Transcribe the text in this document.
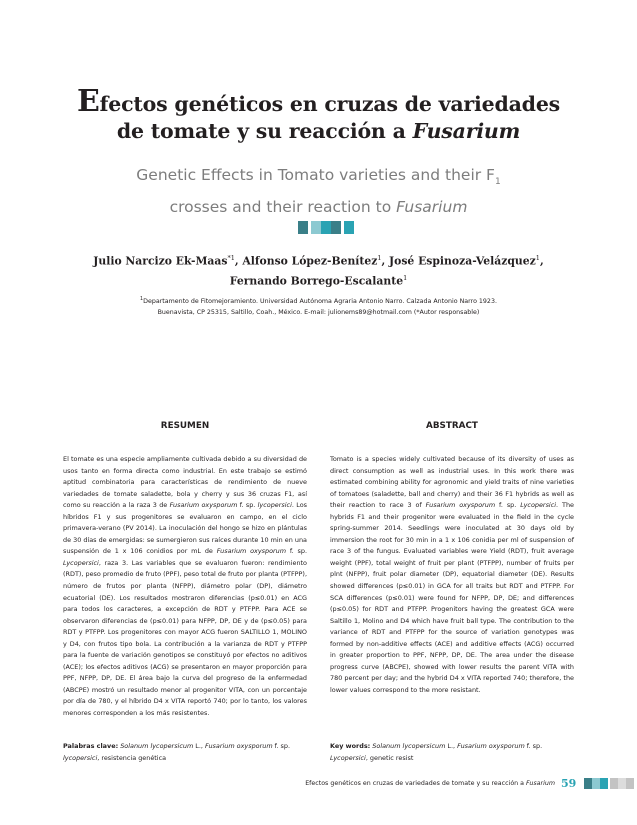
Efectos genéticos en cruzas de variedades
de tomate y su reacción a Fusarium
Genetic Effects in Tomato varieties and their $F_1$
crosses and their reaction to Fusarium
Julio Narcizo Ek-Maas$^{*1}$, Alfonso López-Benítez$^1$, José Espinoza-Velázquez$^1$,
Fernando Borrego-Escalante$^1$
$^1$Departamento de Fitomejoramiento. Universidad Autónoma Agraria Antonio Narro. Calzada Antonio Narro 1923.
Buenavista, CP 25315, Saltillo, Coah., México. E-mail: julionems89@hotmail.com (*Autor responsable)
RESUMEN

El tomate es una especie ampliamente cultivada debido a su diversidad de usos tanto en forma directa como industrial. En este trabajo se estimó aptitud combinatoria para características de rendimiento de nueve variedades de tomate saladette, bola y cherry y sus 36 cruzas F1, así como su reacción a la raza 3 de Fusarium oxysporum f. sp. lycopersici. Los híbridos F1 y sus progenitores se evaluaron en campo, en el ciclo primavera-verano (PV 2014). La inoculación del hongo se hizo en plántulas de 30 días de emergidas: se sumergieron sus raíces durante 10 min en una suspensión de 1 x 106 conidios por mL de Fusarium oxysporum f. sp. Lycopersici, raza 3. Las variables que se evaluaron fueron: rendimiento (RDT), peso promedio de fruto (PPF), peso total de fruto por planta (PTFPP), número de frutos por planta (NFPP), diámetro polar (DP), diámetro ecuatorial (DE). Los resultados mostraron diferencias (p≤0.01) en ACG para todos los caracteres, a excepción de RDT y PTFPP. Para ACE se observaron diferencias de (p≤0.01) para NFPP, DP, DE y de (p≤0.05) para RDT y PTFPP. Los progenitores con mayor ACG fueron SALTILLO 1, MOLINO y D4, con frutos tipo bola. La contribución a la varianza de RDT y PTFPP para la fuente de variación genotipos se constituyó por efectos no aditivos (ACE); los efectos aditivos (ACG) se presentaron en mayor proporción para PPF, NFPP, DP, DE. El área bajo la curva del progreso de la enfermedad (ABCPE) mostró un resultado menor al progenitor VITA, con un porcentaje por día de 780, y el híbrido D4 x VITA reportó 740; por lo tanto, los valores menores corresponden a los más resistentes.

ABSTRACT

Tomato is a species widely cultivated because of its diversity of uses as direct consumption as well as industrial uses. In this work there was estimated combining ability for agronomic and yield traits of nine varieties of tomatoes (saladette, ball and cherry) and their 36 F1 hybrids as well as their reaction to race 3 of Fusarium oxysporum f. sp. Lycopersici. The hybrids F1 and their progenitor were evaluated in the field in the cycle spring-summer 2014. Seedlings were inoculated at 30 days old by immersion the root for 30 min in a 1 x 106 conidia per ml of suspension of race 3 of the fungus. Evaluated variables were Yield (RDT), fruit average weight (PPF), total weight of fruit per plant (PTFPP), number of fruits per plnt (NFPP), fruit polar diameter (DP), equatorial diameter (DE). Results showed differences (p≤0.01) in GCA for all traits but RDT and PTFPP. For SCA differences (p≤0.01) were found for NFPP, DP, DE; and differences (p≤0.05) for RDT and PTFPP. Progenitors having the greatest GCA were Saltillo 1, Molino and D4 which have fruit ball type. The contribution to the variance of RDT and PTFPP for the source of variation genotypes was formed by non-additive effects (ACE) and additive effects (ACG) occurred in greater proportion to PPF, NFPP, DP, DE. The area under the disease progress curve (ABCPE), showed with lower results the parent VITA with 780 percent per day; and the hybrid D4 x VITA reported 740; therefore, the lower values correspond to the more resistant.

Palabras clave: Solanum lycopersicum L., Fusarium oxysporum f. sp. lycopersici, resistencia genética
Key words: Solanum lycopersicum L., Fusarium oxysporum f. sp. Lycopersici, genetic resist
Efectos genéticos en cruzas de variedades de tomate y su reacción a Fusarium 59
